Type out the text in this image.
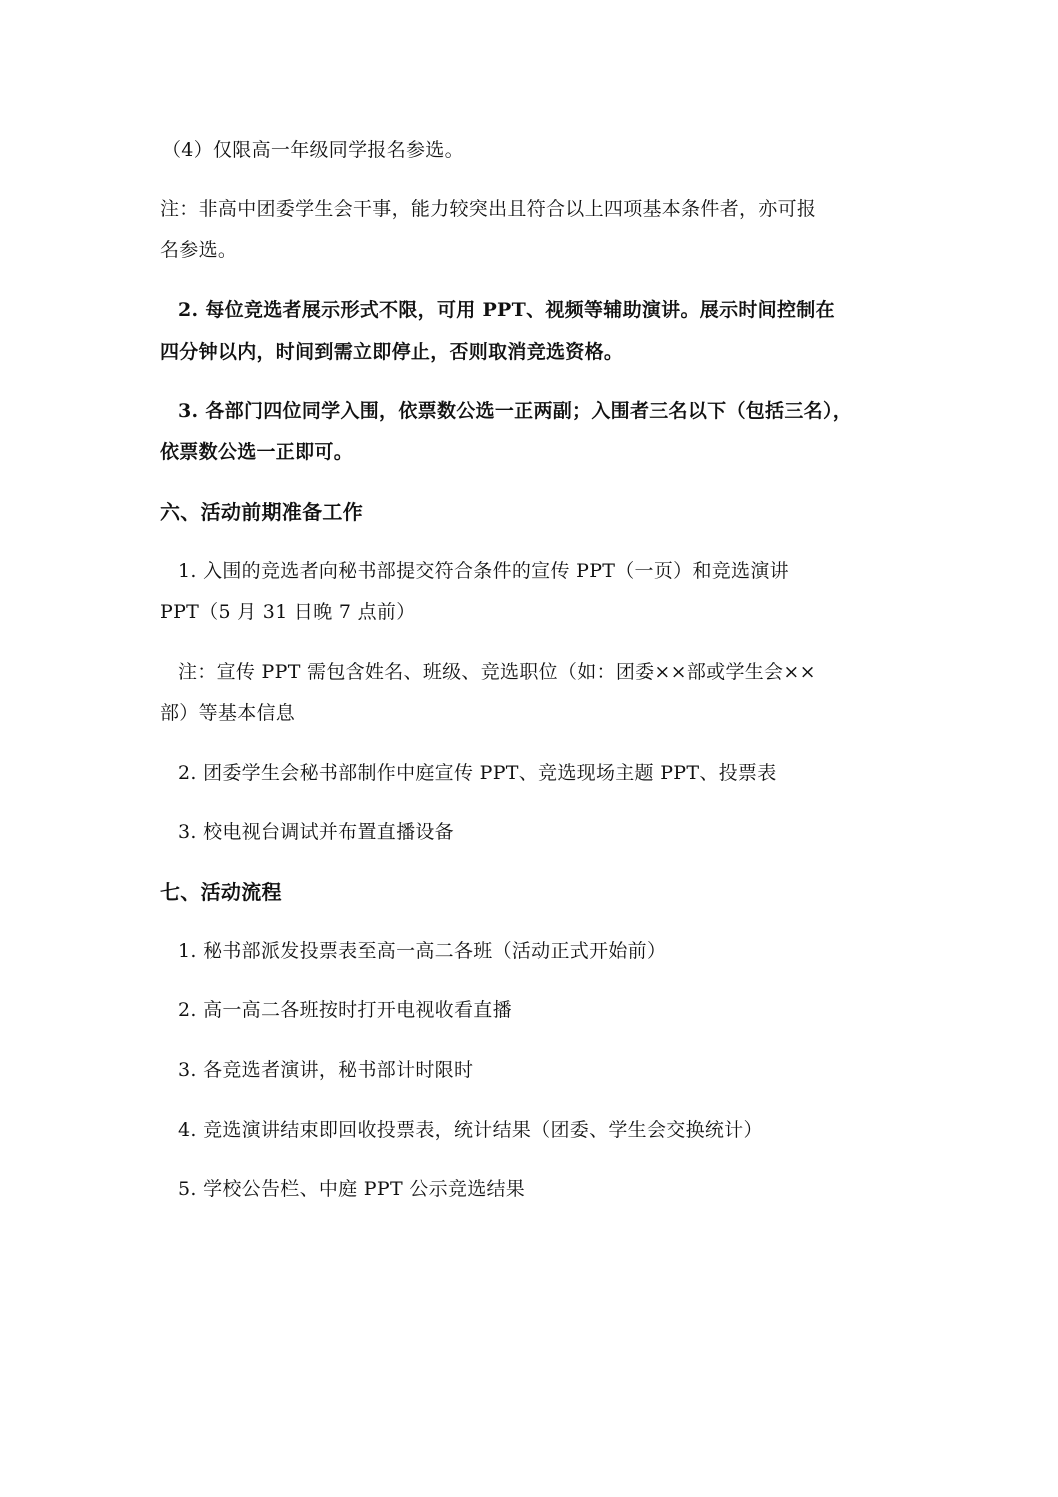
（4）仅限高一年级同学报名参选。
注：非高中团委学生会干事，能力较突出且符合以上四项基本条件者，亦可报
名参选。
2. 每位竞选者展示形式不限，可用 PPT、视频等辅助演讲。展示时间控制在
四分钟以内，时间到需立即停止，否则取消竞选资格。
3. 各部门四位同学入围，依票数公选一正两副；入围者三名以下（包括三名），
依票数公选一正即可。
六、活动前期准备工作
1. 入围的竞选者向秘书部提交符合条件的宣传 PPT（一页）和竞选演讲
PPT（5 月 31 日晚 7 点前）
注：宣传 PPT 需包含姓名、班级、竞选职位（如：团委××部或学生会××
部）等基本信息
2. 团委学生会秘书部制作中庭宣传 PPT、竞选现场主题 PPT、投票表
3. 校电视台调试并布置直播设备
七、活动流程
1. 秘书部派发投票表至高一高二各班（活动正式开始前）
2. 高一高二各班按时打开电视收看直播
3. 各竞选者演讲，秘书部计时限时
4. 竞选演讲结束即回收投票表，统计结果（团委、学生会交换统计）
5. 学校公告栏、中庭 PPT 公示竞选结果
